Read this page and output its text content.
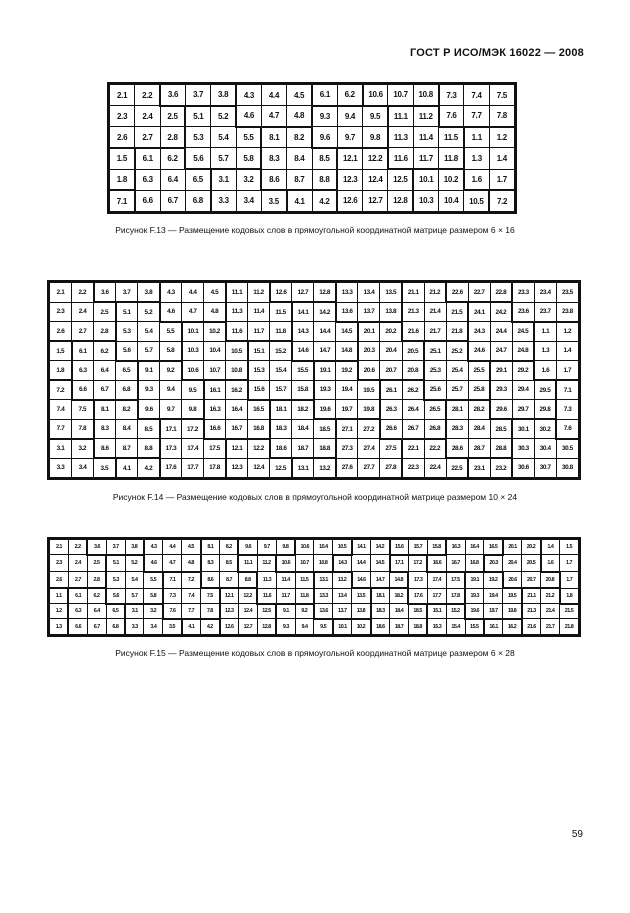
ГОСТ Р ИСО/МЭК 16022 — 2008
2.1	2.2	3.6	3.7	3.8	4.3	4.4	4.5	6.1	6.2	10.6	10.7	10.8	7.3	7.4	7.5
2.3	2.4	2.5	5.1	5.2	4.6	4.7	4.8	9.3	9.4	9.5	11.1	11.2	7.6	7.7	7.8
2.6	2.7	2.8	5.3	5.4	5.5	8.1	8.2	9.6	9.7	9.8	11.3	11.4	11.5	1.1	1.2
1.5	6.1	6.2	5.6	5.7	5.8	8.3	8.4	8.5	12.1	12.2	11.6	11.7	11.8	1.3	1.4
1.8	6.3	6.4	6.5	3.1	3.2	8.6	8.7	8.8	12.3	12.4	12.5	10.1	10.2	1.6	1.7
7.1	6.6	6.7	6.8	3.3	3.4	3.5	4.1	4.2	12.6	12.7	12.8	10.3	10.4	10.5	7.2
Рисунок F.13 — Размещение кодовых слов в прямоугольной координатной матрице размером 6 × 16
2.1	2.2	3.6	3.7	3.8	4.3	4.4	4.5	11.1	11.2	12.6	12.7	12.8	13.3	13.4	13.5	21.1	21.2	22.6	22.7	22.8	23.3	23.4	23.5
2.3	2.4	2.5	5.1	5.2	4.6	4.7	4.8	11.3	11.4	11.5	14.1	14.2	13.6	13.7	13.8	21.3	21.4	21.5	24.1	24.2	23.6	23.7	23.8
2.6	2.7	2.8	5.3	5.4	5.5	10.1	10.2	11.6	11.7	11.8	14.3	14.4	14.5	20.1	20.2	21.6	21.7	21.8	24.3	24.4	24.5	1.1	1.2
1.5	6.1	6.2	5.6	5.7	5.8	10.3	10.4	10.5	15.1	15.2	14.6	14.7	14.8	20.3	20.4	20.5	25.1	25.2	24.6	24.7	24.8	1.3	1.4
1.8	6.3	6.4	6.5	9.1	9.2	10.6	10.7	10.8	15.3	15.4	15.5	19.1	19.2	20.6	20.7	20.8	25.3	25.4	25.5	29.1	29.2	1.6	1.7
7.2	6.6	6.7	6.8	9.3	9.4	9.5	16.1	16.2	15.6	15.7	15.8	19.3	19.4	19.5	26.1	26.2	25.6	25.7	25.8	29.3	29.4	29.5	7.1
7.4	7.5	8.1	8.2	9.6	9.7	9.8	16.3	16.4	16.5	18.1	18.2	19.6	19.7	19.8	26.3	26.4	26.5	28.1	28.2	29.6	29.7	29.8	7.3
7.7	7.8	8.3	8.4	8.5	17.1	17.2	16.6	16.7	16.8	18.3	18.4	18.5	27.1	27.2	26.6	26.7	26.8	28.3	28.4	28.5	30.1	30.2	7.6
3.1	3.2	8.6	8.7	8.8	17.3	17.4	17.5	12.1	12.2	18.6	18.7	18.8	27.3	27.4	27.5	22.1	22.2	28.6	28.7	28.8	30.3	30.4	30.5
3.3	3.4	3.5	4.1	4.2	17.6	17.7	17.8	12.3	12.4	12.5	13.1	13.2	27.6	27.7	27.8	22.3	22.4	22.5	23.1	23.2	30.6	30.7	30.8
Рисунок F.14 — Размещение кодовых слов в прямоугольной координатной матрице размером 10 × 24
2.1	2.2	3.6	3.7	3.8	4.3	4.4	4.5	8.1	8.2	9.6	9.7	9.8	10.6	10.4	10.5	14.1	14.2	15.6	15.7	15.8	16.3	16.4	16.5	20.1	20.2	1.4	1.5
2.3	2.4	2.5	5.1	5.2	4.6	4.7	4.8	8.3	8.5	11.1	11.2	10.6	10.7	10.8	14.3	14.4	14.5	17.1	17.2	16.6	16.7	16.8	20.3	20.4	20.5	1.6	1.7
2.6	2.7	2.8	5.3	5.4	5.5	7.1	7.2	8.6	8.7	8.8	11.3	11.4	11.5	13.1	13.2	14.6	14.7	14.8	17.3	17.4	17.5	19.1	19.2	20.6	20.7	20.8	1.7
1.1	6.1	6.2	5.6	5.7	5.8	7.3	7.4	7.5	12.1	12.2	11.6	11.7	11.8	13.3	13.4	13.5	18.1	18.2	17.6	17.7	17.8	19.3	19.4	19.5	21.1	21.2	1.8
1.2	6.3	6.4	6.5	3.1	3.2	7.6	7.7	7.8	12.3	12.4	12.5	9.1	9.2	13.6	13.7	13.8	18.3	18.4	18.5	15.1	15.2	19.6	19.7	19.8	21.3	21.4	21.5
1.3	6.6	6.7	6.8	3.3	3.4	3.5	4.1	4.2	12.6	12.7	12.8	9.3	9.4	9.5	10.1	10.2	18.6	18.7	18.8	15.3	15.4	15.5	16.1	16.2	21.6	21.7	21.8
Рисунок F.15 — Размещение кодовых слов в прямоугольной координатной матрице размером 6 × 28
59
